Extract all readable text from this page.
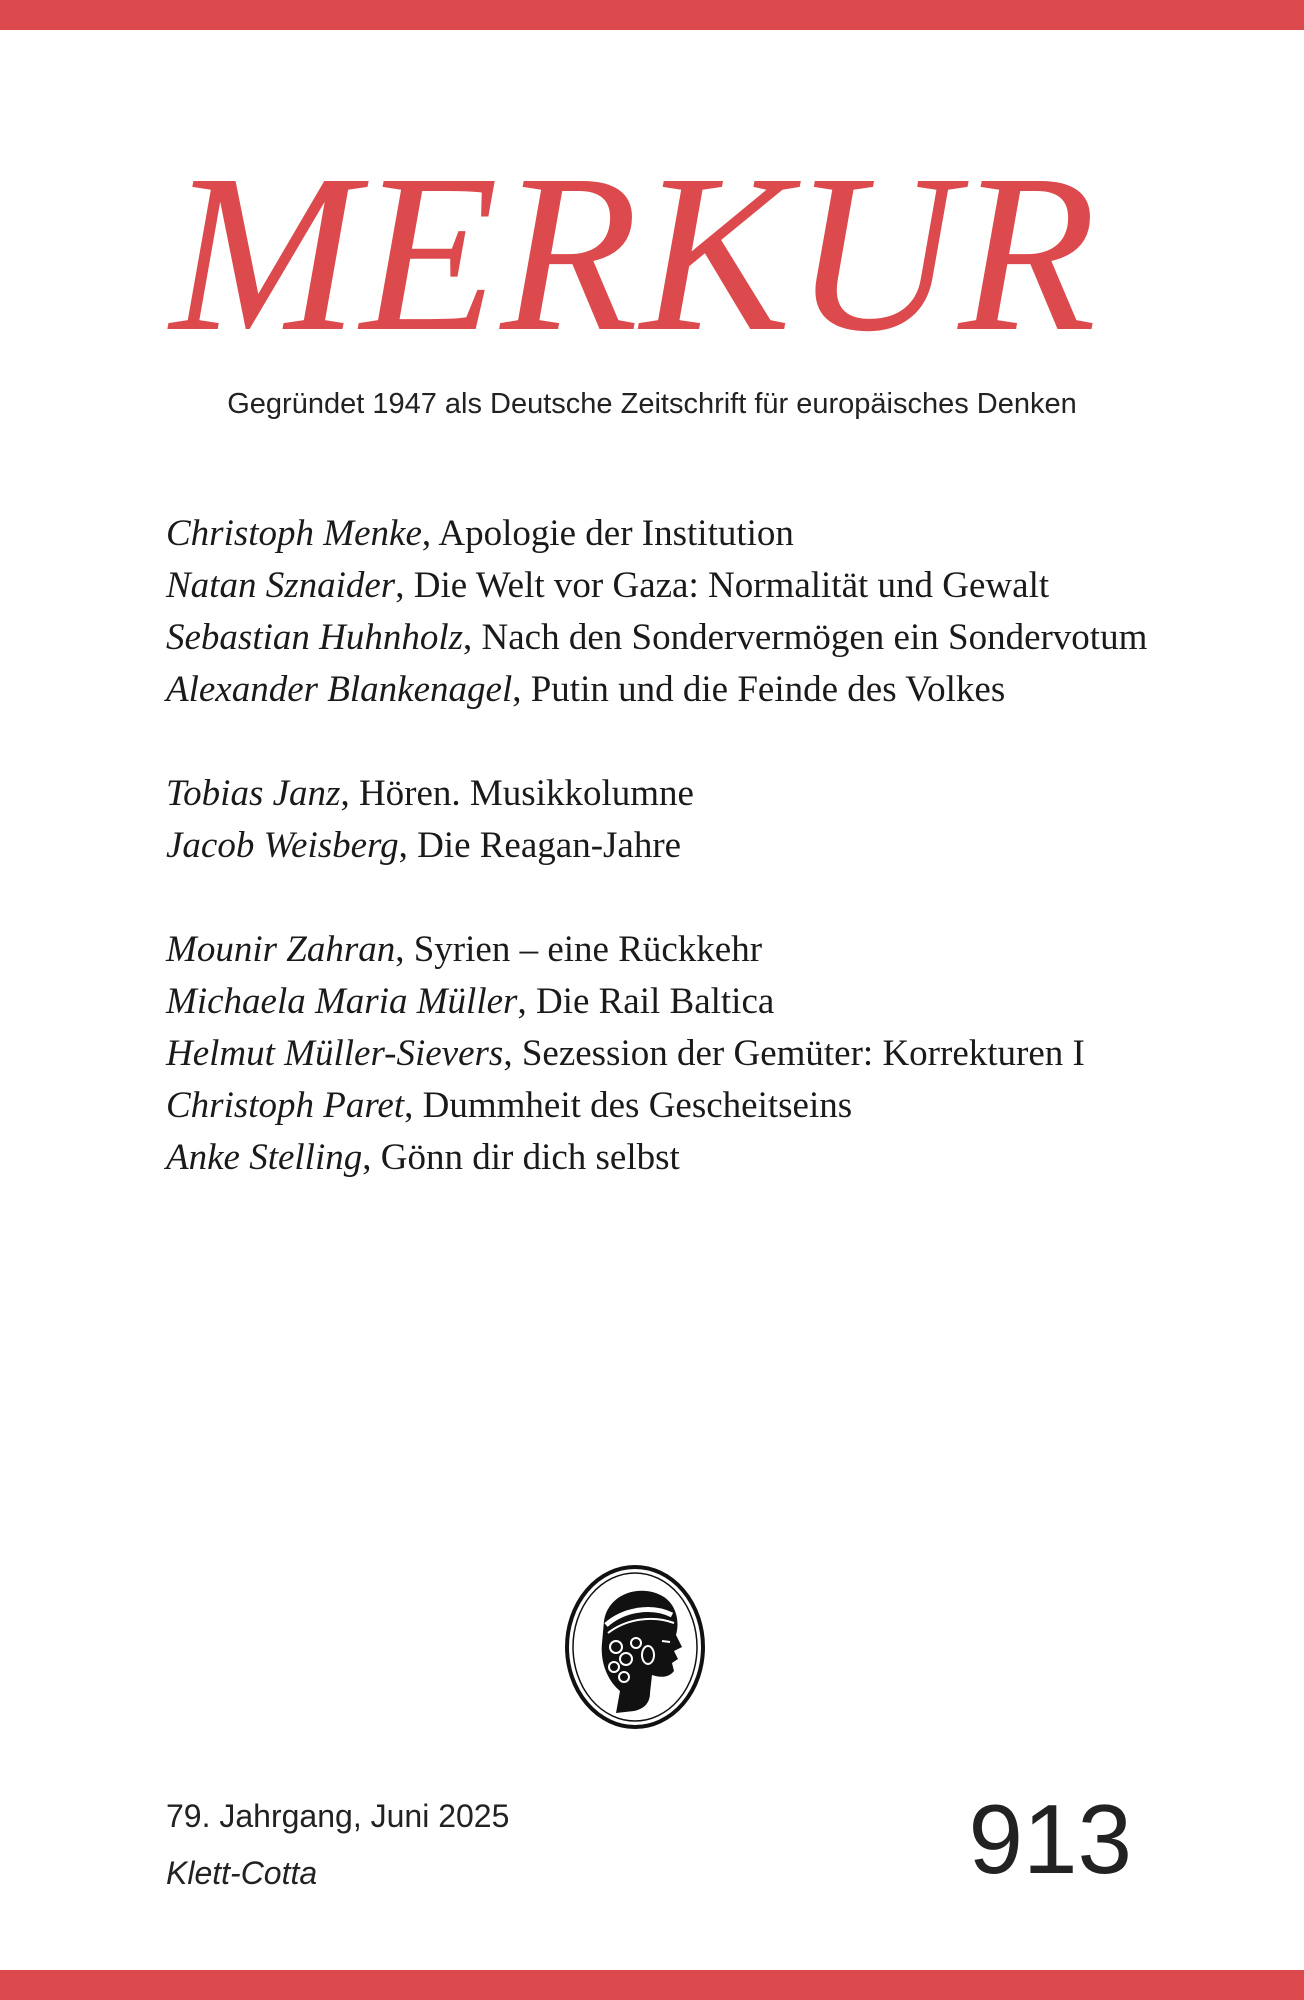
MERKUR
Gegründet 1947 als Deutsche Zeitschrift für europäisches Denken
Christoph Menke, Apologie der Institution
Natan Sznaider, Die Welt vor Gaza: Normalität und Gewalt
Sebastian Huhnholz, Nach den Sondervermögen ein Sondervotum
Alexander Blankenagel, Putin und die Feinde des Volkes
Tobias Janz, Hören. Musikkolumne
Jacob Weisberg, Die Reagan-Jahre
Mounir Zahran, Syrien – eine Rückkehr
Michaela Maria Müller, Die Rail Baltica
Helmut Müller-Sievers, Sezession der Gemüter: Korrekturen I
Christoph Paret, Dummheit des Gescheitseins
Anke Stelling, Gönn dir dich selbst
79. Jahrgang, Juni 2025
Klett-Cotta	913
